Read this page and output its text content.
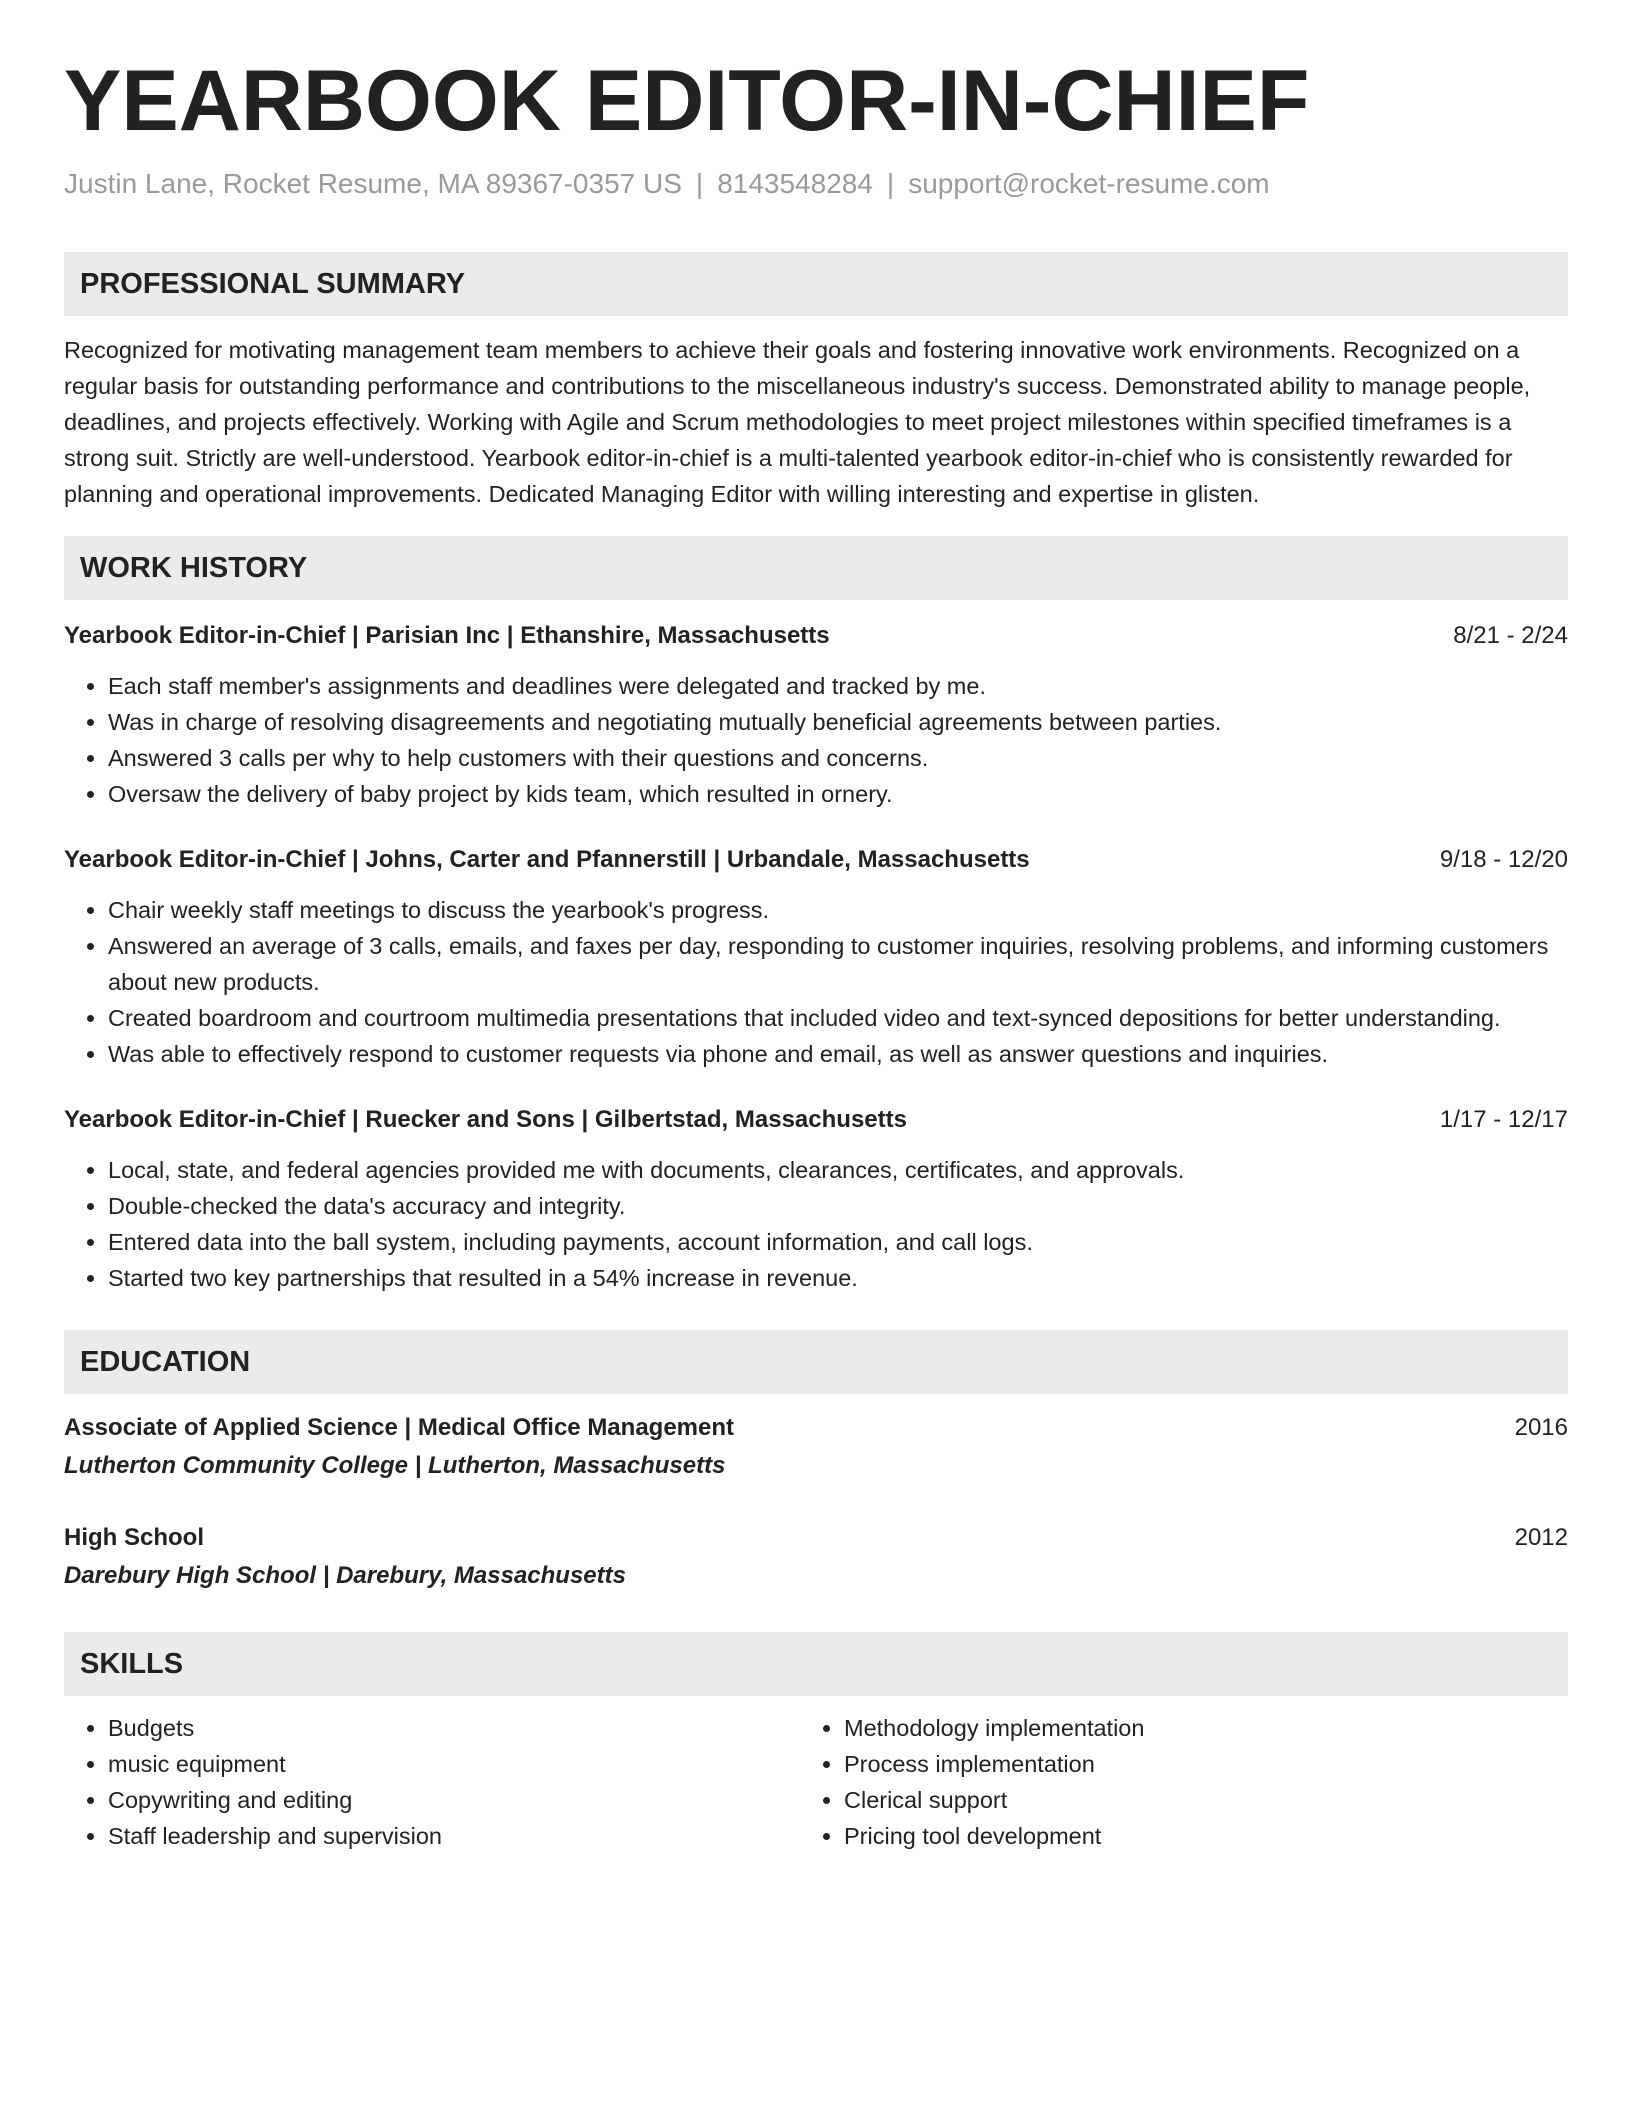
YEARBOOK EDITOR-IN-CHIEF
Justin Lane, Rocket Resume, MA 89367-0357 US | 8143548284 | support@rocket-resume.com
PROFESSIONAL SUMMARY
Recognized for motivating management team members to achieve their goals and fostering innovative work environments. Recognized on a regular basis for outstanding performance and contributions to the miscellaneous industry's success. Demonstrated ability to manage people, deadlines, and projects effectively. Working with Agile and Scrum methodologies to meet project milestones within specified timeframes is a strong suit. Strictly are well-understood. Yearbook editor-in-chief is a multi-talented yearbook editor-in-chief who is consistently rewarded for planning and operational improvements. Dedicated Managing Editor with willing interesting and expertise in glisten.
WORK HISTORY
Yearbook Editor-in-Chief | Parisian Inc | Ethanshire, Massachusetts	8/21 - 2/24
• Each staff member's assignments and deadlines were delegated and tracked by me.
• Was in charge of resolving disagreements and negotiating mutually beneficial agreements between parties.
• Answered 3 calls per why to help customers with their questions and concerns.
• Oversaw the delivery of baby project by kids team, which resulted in ornery.
Yearbook Editor-in-Chief | Johns, Carter and Pfannerstill | Urbandale, Massachusetts	9/18 - 12/20
• Chair weekly staff meetings to discuss the yearbook's progress.
• Answered an average of 3 calls, emails, and faxes per day, responding to customer inquiries, resolving problems, and informing customers about new products.
• Created boardroom and courtroom multimedia presentations that included video and text-synced depositions for better understanding.
• Was able to effectively respond to customer requests via phone and email, as well as answer questions and inquiries.
Yearbook Editor-in-Chief | Ruecker and Sons | Gilbertstad, Massachusetts	1/17 - 12/17
• Local, state, and federal agencies provided me with documents, clearances, certificates, and approvals.
• Double-checked the data's accuracy and integrity.
• Entered data into the ball system, including payments, account information, and call logs.
• Started two key partnerships that resulted in a 54% increase in revenue.
EDUCATION
Associate of Applied Science | Medical Office Management	2016
Lutherton Community College | Lutherton, Massachusetts
High School	2012
Darebury High School | Darebury, Massachusetts
SKILLS
• Budgets
• music equipment
• Copywriting and editing
• Staff leadership and supervision
• Methodology implementation
• Process implementation
• Clerical support
• Pricing tool development
